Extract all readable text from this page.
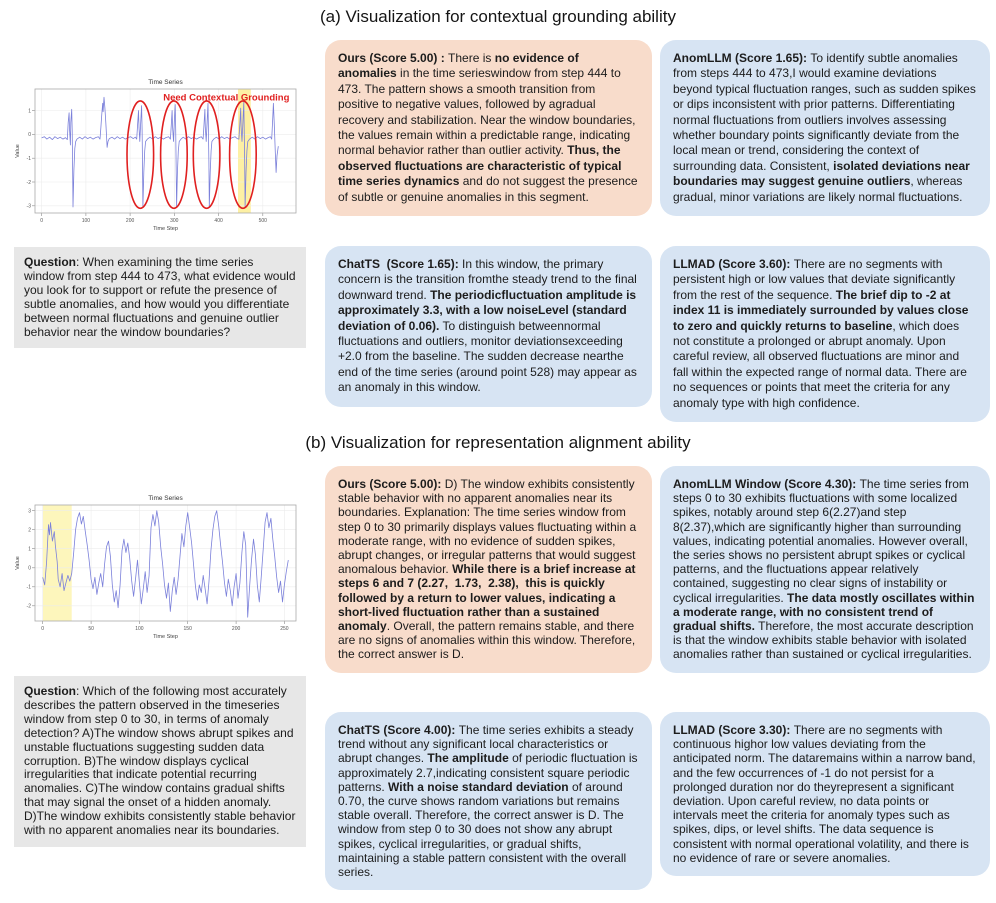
(a) Visualization for contextual grounding ability
-3
-2
-1
0
1
0	100	200	300	400	500
Need Contextual Grounding
Time Series
Time Step
Value
Question: When examining the time series window from step 444 to 473, what evidence would you look for to support or refute the presence of subtle anomalies, and how would you differentiate between normal fluctuations and genuine outlier behavior near the window boundaries?
Ours (Score 5.00) : There is no evidence of anomalies in the time serieswindow from step 444 to 473. The pattern shows a smooth transition from positive to negative values, followed by agradual recovery and stabilization. Near the window boundaries, the values remain within a predictable range, indicating normal behavior rather than outlier activity. Thus, the observed fluctuations are characteristic of typical time series dynamics and do not suggest the presence of subtle or genuine anomalies in this segment.
AnomLLM (Score 1.65): To identify subtle anomalies from steps 444 to 473,I would examine deviations beyond typical fluctuation ranges, such as sudden spikes or dips inconsistent with prior patterns. Differentiating normal fluctuations from outliers involves assessing whether boundary points significantly deviate from the local mean or trend, considering the context of surrounding data. Consistent, isolated deviations near boundaries may suggest genuine outliers, whereas gradual, minor variations are likely normal fluctuations.
ChatTS  (Score 1.65): In this window, the primary concern is the transition fromthe steady trend to the final downward trend. The periodicfluctuation amplitude is approximately 3.3, with a low noiseLevel (standard deviation of 0.06). To distinguish betweennormal fluctuations and outliers, monitor deviationsexceeding +2.0 from the baseline. The sudden decrease nearthe end of the time series (around point 528) may appear as an anomaly in this window.
LLMAD (Score 3.60): There are no segments with persistent high or low values that deviate significantly from the rest of the sequence. The brief dip to -2 at index 11 is immediately surrounded by values close to zero and quickly returns to baseline, which does not constitute a prolonged or abrupt anomaly. Upon careful review, all observed fluctuations are minor and fall within the expected range of normal data. There are no sequences or points that meet the criteria for any anomaly type with high confidence.
(b) Visualization for representation alignment ability
-2
-1
0
1
2
3
0	50	100	150	200	250
Time Series
Time Step
Value
Question: Which of the following most accurately describes the pattern observed in the timeseries window from step 0 to 30, in terms of anomaly detection? A)The window shows abrupt spikes and unstable fluctuations suggesting sudden data corruption. B)The window displays cyclical irregularities that indicate potential recurring anomalies. C)The window contains gradual shifts that may signal the onset of a hidden anomaly. D)The window exhibits consistently stable behavior with no apparent anomalies near its boundaries.
Ours (Score 5.00): D) The window exhibits consistently stable behavior with no apparent anomalies near its boundaries. Explanation: The time series window from step 0 to 30 primarily displays values fluctuating within a moderate range, with no evidence of sudden spikes, abrupt changes, or irregular patterns that would suggest anomalous behavior. While there is a brief increase at steps 6 and 7 (2.27,  1.73,  2.38),  this is quickly followed by a return to lower values, indicating a short-lived fluctuation rather than a sustained anomaly. Overall, the pattern remains stable, and there are no signs of anomalies within this window. Therefore, the correct answer is D.
AnomLLM Window (Score 4.30): The time series from steps 0 to 30 exhibits fluctuations with some localized spikes, notably around step 6(2.27)and step 8(2.37),which are significantly higher than surrounding values, indicating potential anomalies. However overall, the series shows no persistent abrupt spikes or cyclical patterns, and the fluctuations appear relatively contained, suggesting no clear signs of instability or cyclical irregularities. The data mostly oscillates within a moderate range, with no consistent trend of gradual shifts. Therefore, the most accurate description is that the window exhibits stable behavior with isolated anomalies rather than sustained or cyclical irregularities.
ChatTS (Score 4.00): The time series exhibits a steady trend without any significant local characteristics or abrupt changes. The amplitude of periodic fluctuation is approximately 2.7,indicating consistent square periodic patterns. With a noise standard deviation of around 0.70, the curve shows random variations but remains stable overall. Therefore, the correct answer is D. The window from step 0 to 30 does not show any abrupt spikes, cyclical irregularities, or gradual shifts, maintaining a stable pattern consistent with the overall series.
LLMAD (Score 3.30): There are no segments with continuous highor low values deviating from the anticipated norm. The dataremains within a narrow band, and the few occurrences of -1 do not persist for a prolonged duration nor do theyrepresent a significant deviation. Upon careful review, no data points or intervals meet the criteria for anomaly types such as spikes, dips, or level shifts. The data sequence is consistent with normal operational volatility, and there is no evidence of rare or severe anomalies.
